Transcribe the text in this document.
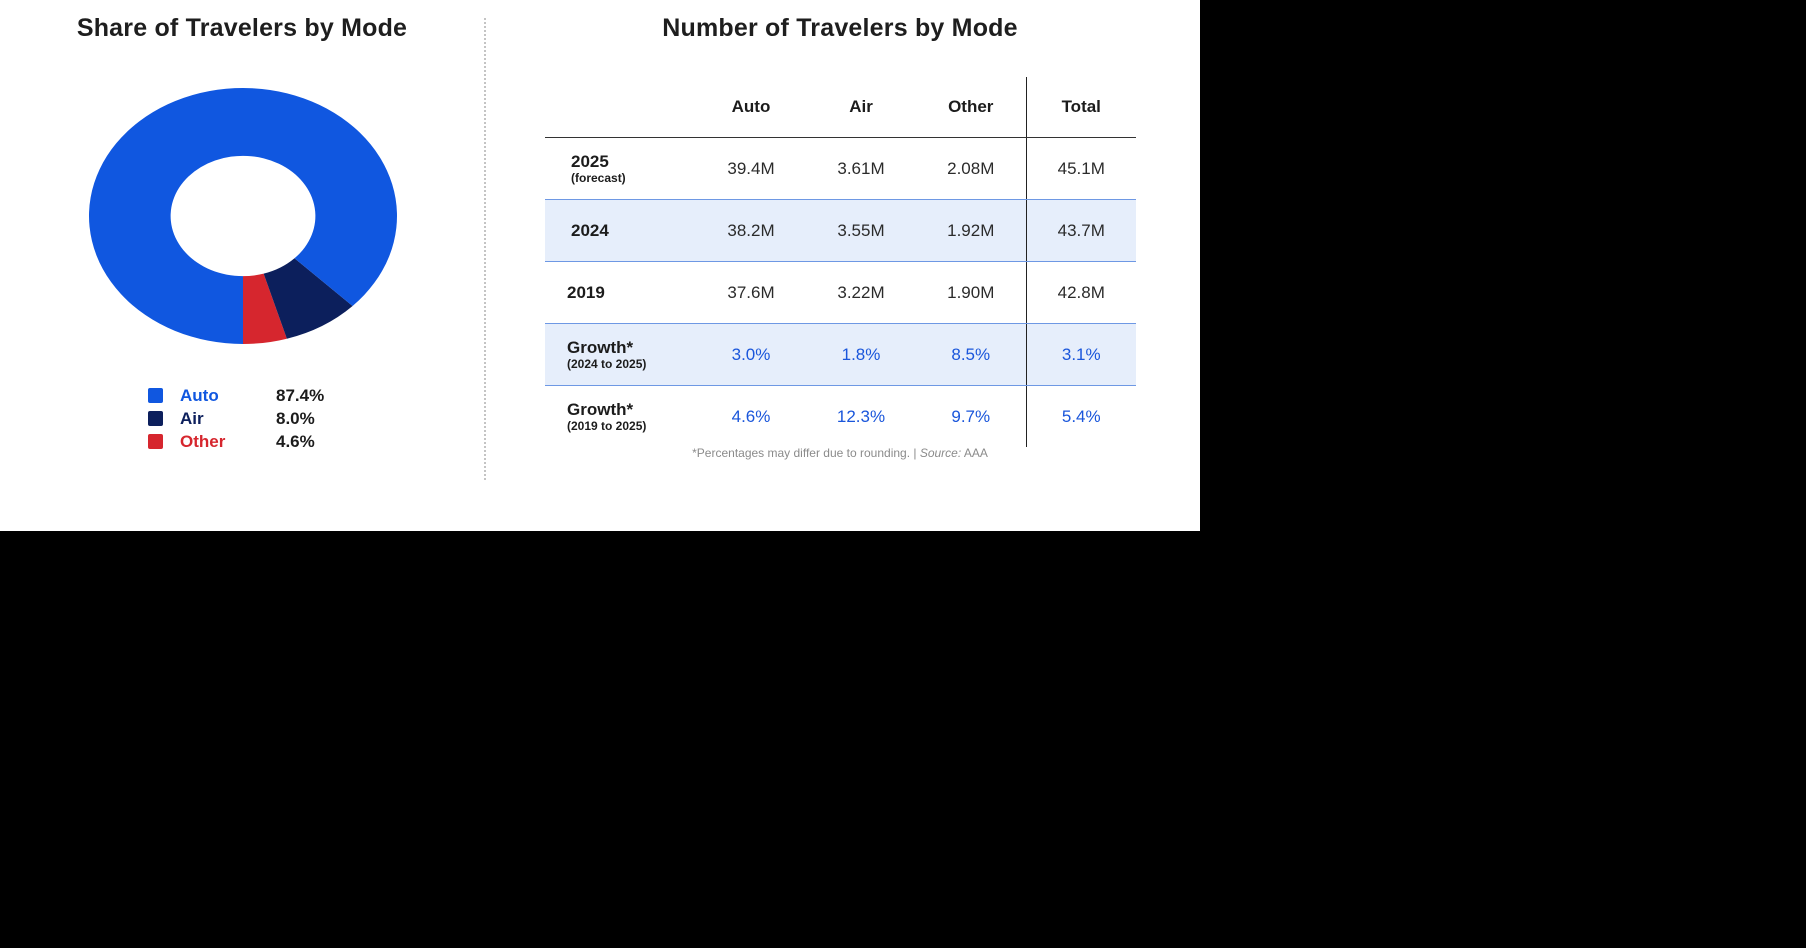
Share of Travelers by Mode
Auto	87.4%
Air	8.0%
Other	4.6%
Number of Travelers by Mode
	Auto	Air	Other	Total

2025
(forecast)	39.4M	3.61M	2.08M	45.1M

2024	38.2M	3.55M	1.92M	43.7M

2019	37.6M	3.22M	1.90M	42.8M

Growth*
(2024 to 2025)	3.0%	1.8%	8.5%	3.1%

Growth*
(2019 to 2025)	4.6%	12.3%	9.7%	5.4%
*Percentages may differ due to rounding. | Source: AAA
